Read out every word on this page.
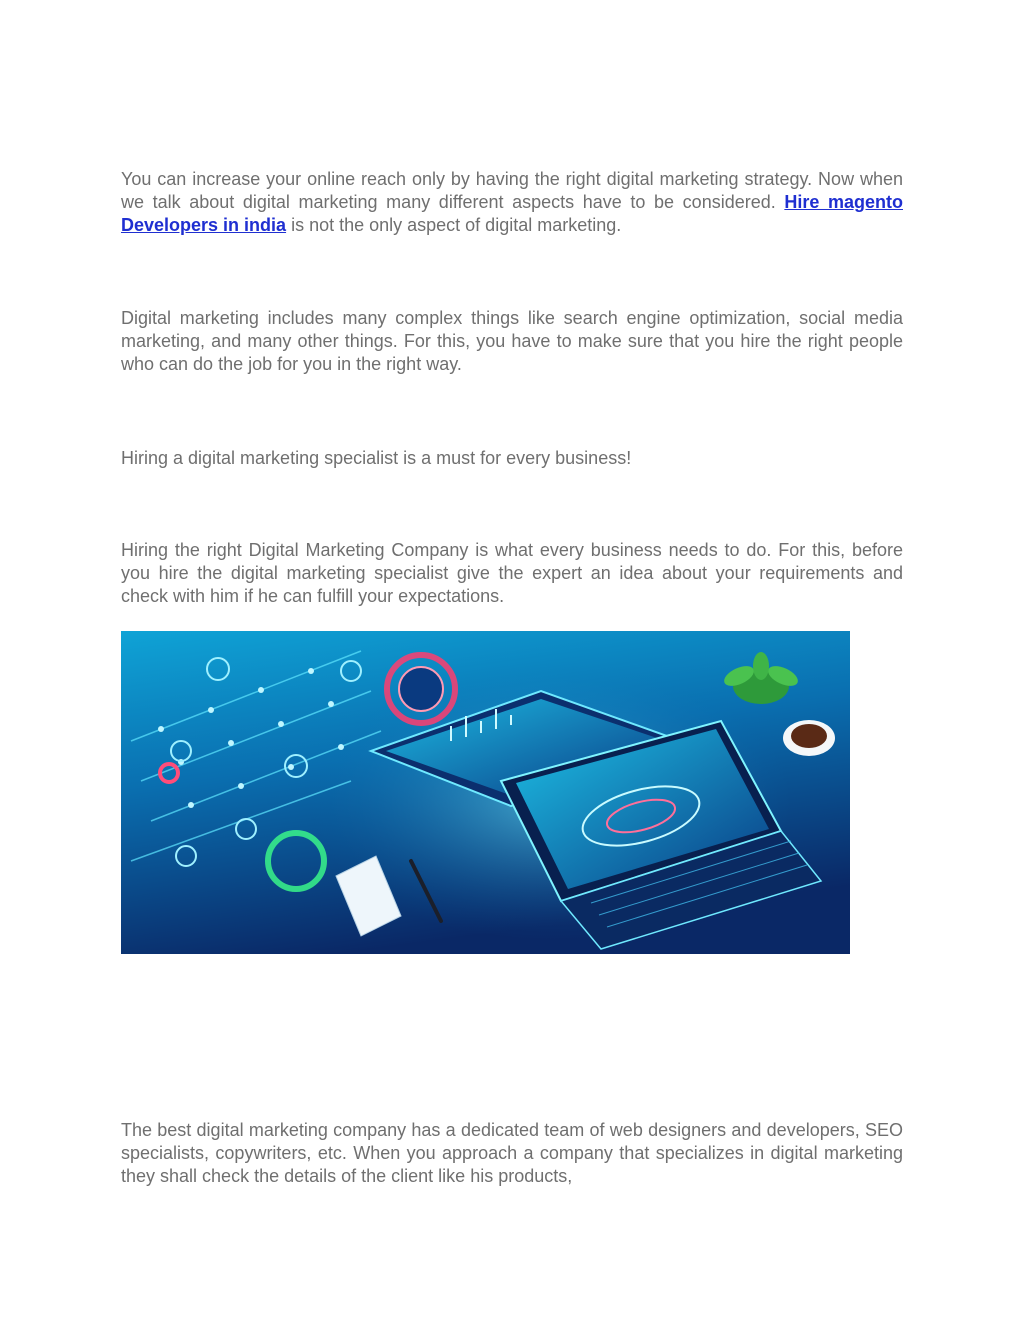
You can increase your online reach only by having the right digital marketing strategy. Now when we talk about digital marketing many different aspects have to be considered. Hire magento Developers in india is not the only aspect of digital marketing.

Digital marketing includes many complex things like search engine optimization, social media marketing, and many other things. For this, you have to make sure that you hire the right people who can do the job for you in the right way.

Hiring a digital marketing specialist is a must for every business!

Hiring the right Digital Marketing Company is what every business needs to do. For this, before you hire the digital marketing specialist give the expert an idea about your requirements and check with him if he can fulfill your expectations.

The best digital marketing company has a dedicated team of web designers and developers, SEO specialists, copywriters, etc. When you approach a company that specializes in digital marketing they shall check the details of the client like his products,
